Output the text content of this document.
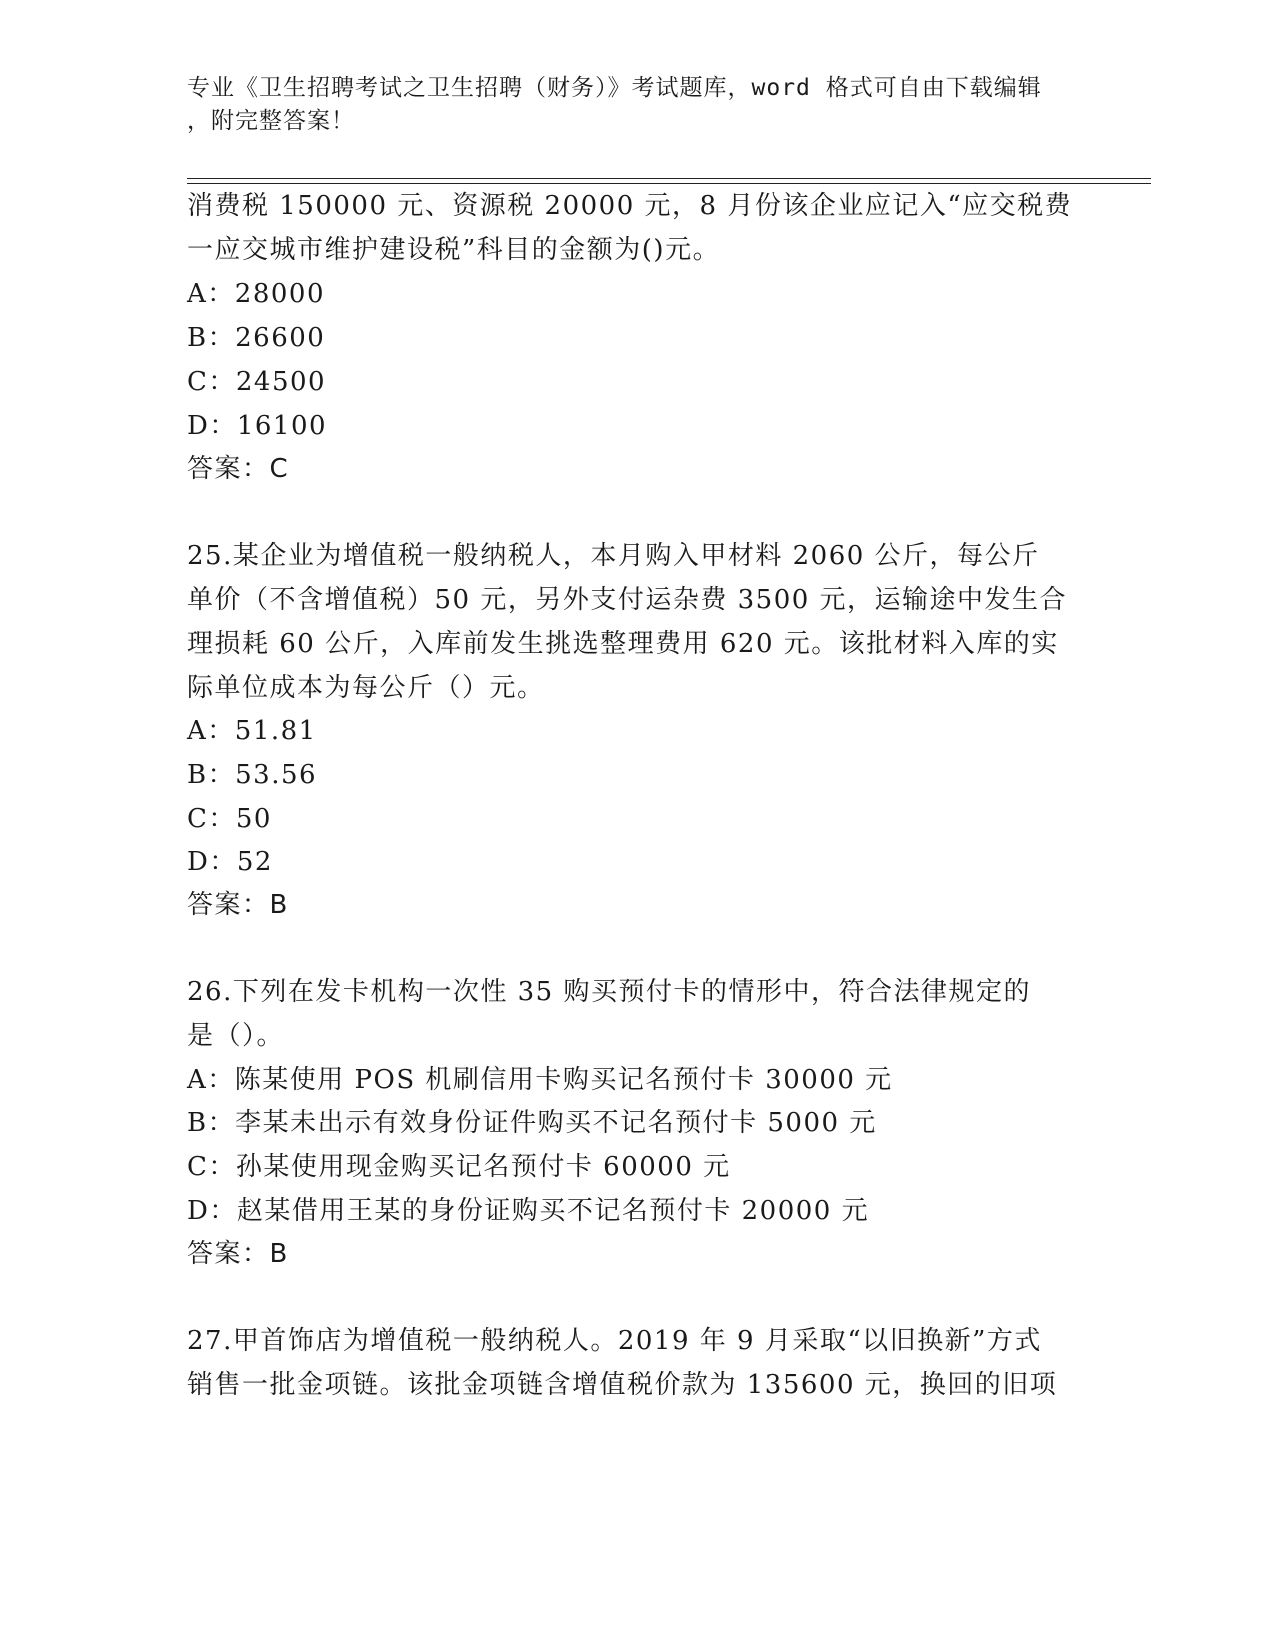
专业《卫生招聘考试之卫生招聘（财务）》考试题库，word 格式可自由下载编辑
，附完整答案！
消费税 150000 元、资源税 20000 元，8 月份该企业应记入“应交税费
一应交城市维护建设税”科目的金额为()元。
A：28000
B：26600
C：24500
D：16100
答案：C
25.某企业为增值税一般纳税人，本月购入甲材料 2060 公斤，每公斤
单价（不含增值税）50 元，另外支付运杂费 3500 元，运输途中发生合
理损耗 60 公斤，入库前发生挑选整理费用 620 元。该批材料入库的实
际单位成本为每公斤（）元。
A：51.81
B：53.56
C：50
D：52
答案：B
26.下列在发卡机构一次性 35 购买预付卡的情形中，符合法律规定的
是（）。
A：陈某使用 POS 机刷信用卡购买记名预付卡 30000 元
B：李某未出示有效身份证件购买不记名预付卡 5000 元
C：孙某使用现金购买记名预付卡 60000 元
D：赵某借用王某的身份证购买不记名预付卡 20000 元
答案：B
27.甲首饰店为增值税一般纳税人。2019 年 9 月采取“以旧换新”方式
销售一批金项链。该批金项链含增值税价款为 135600 元，换回的旧项
